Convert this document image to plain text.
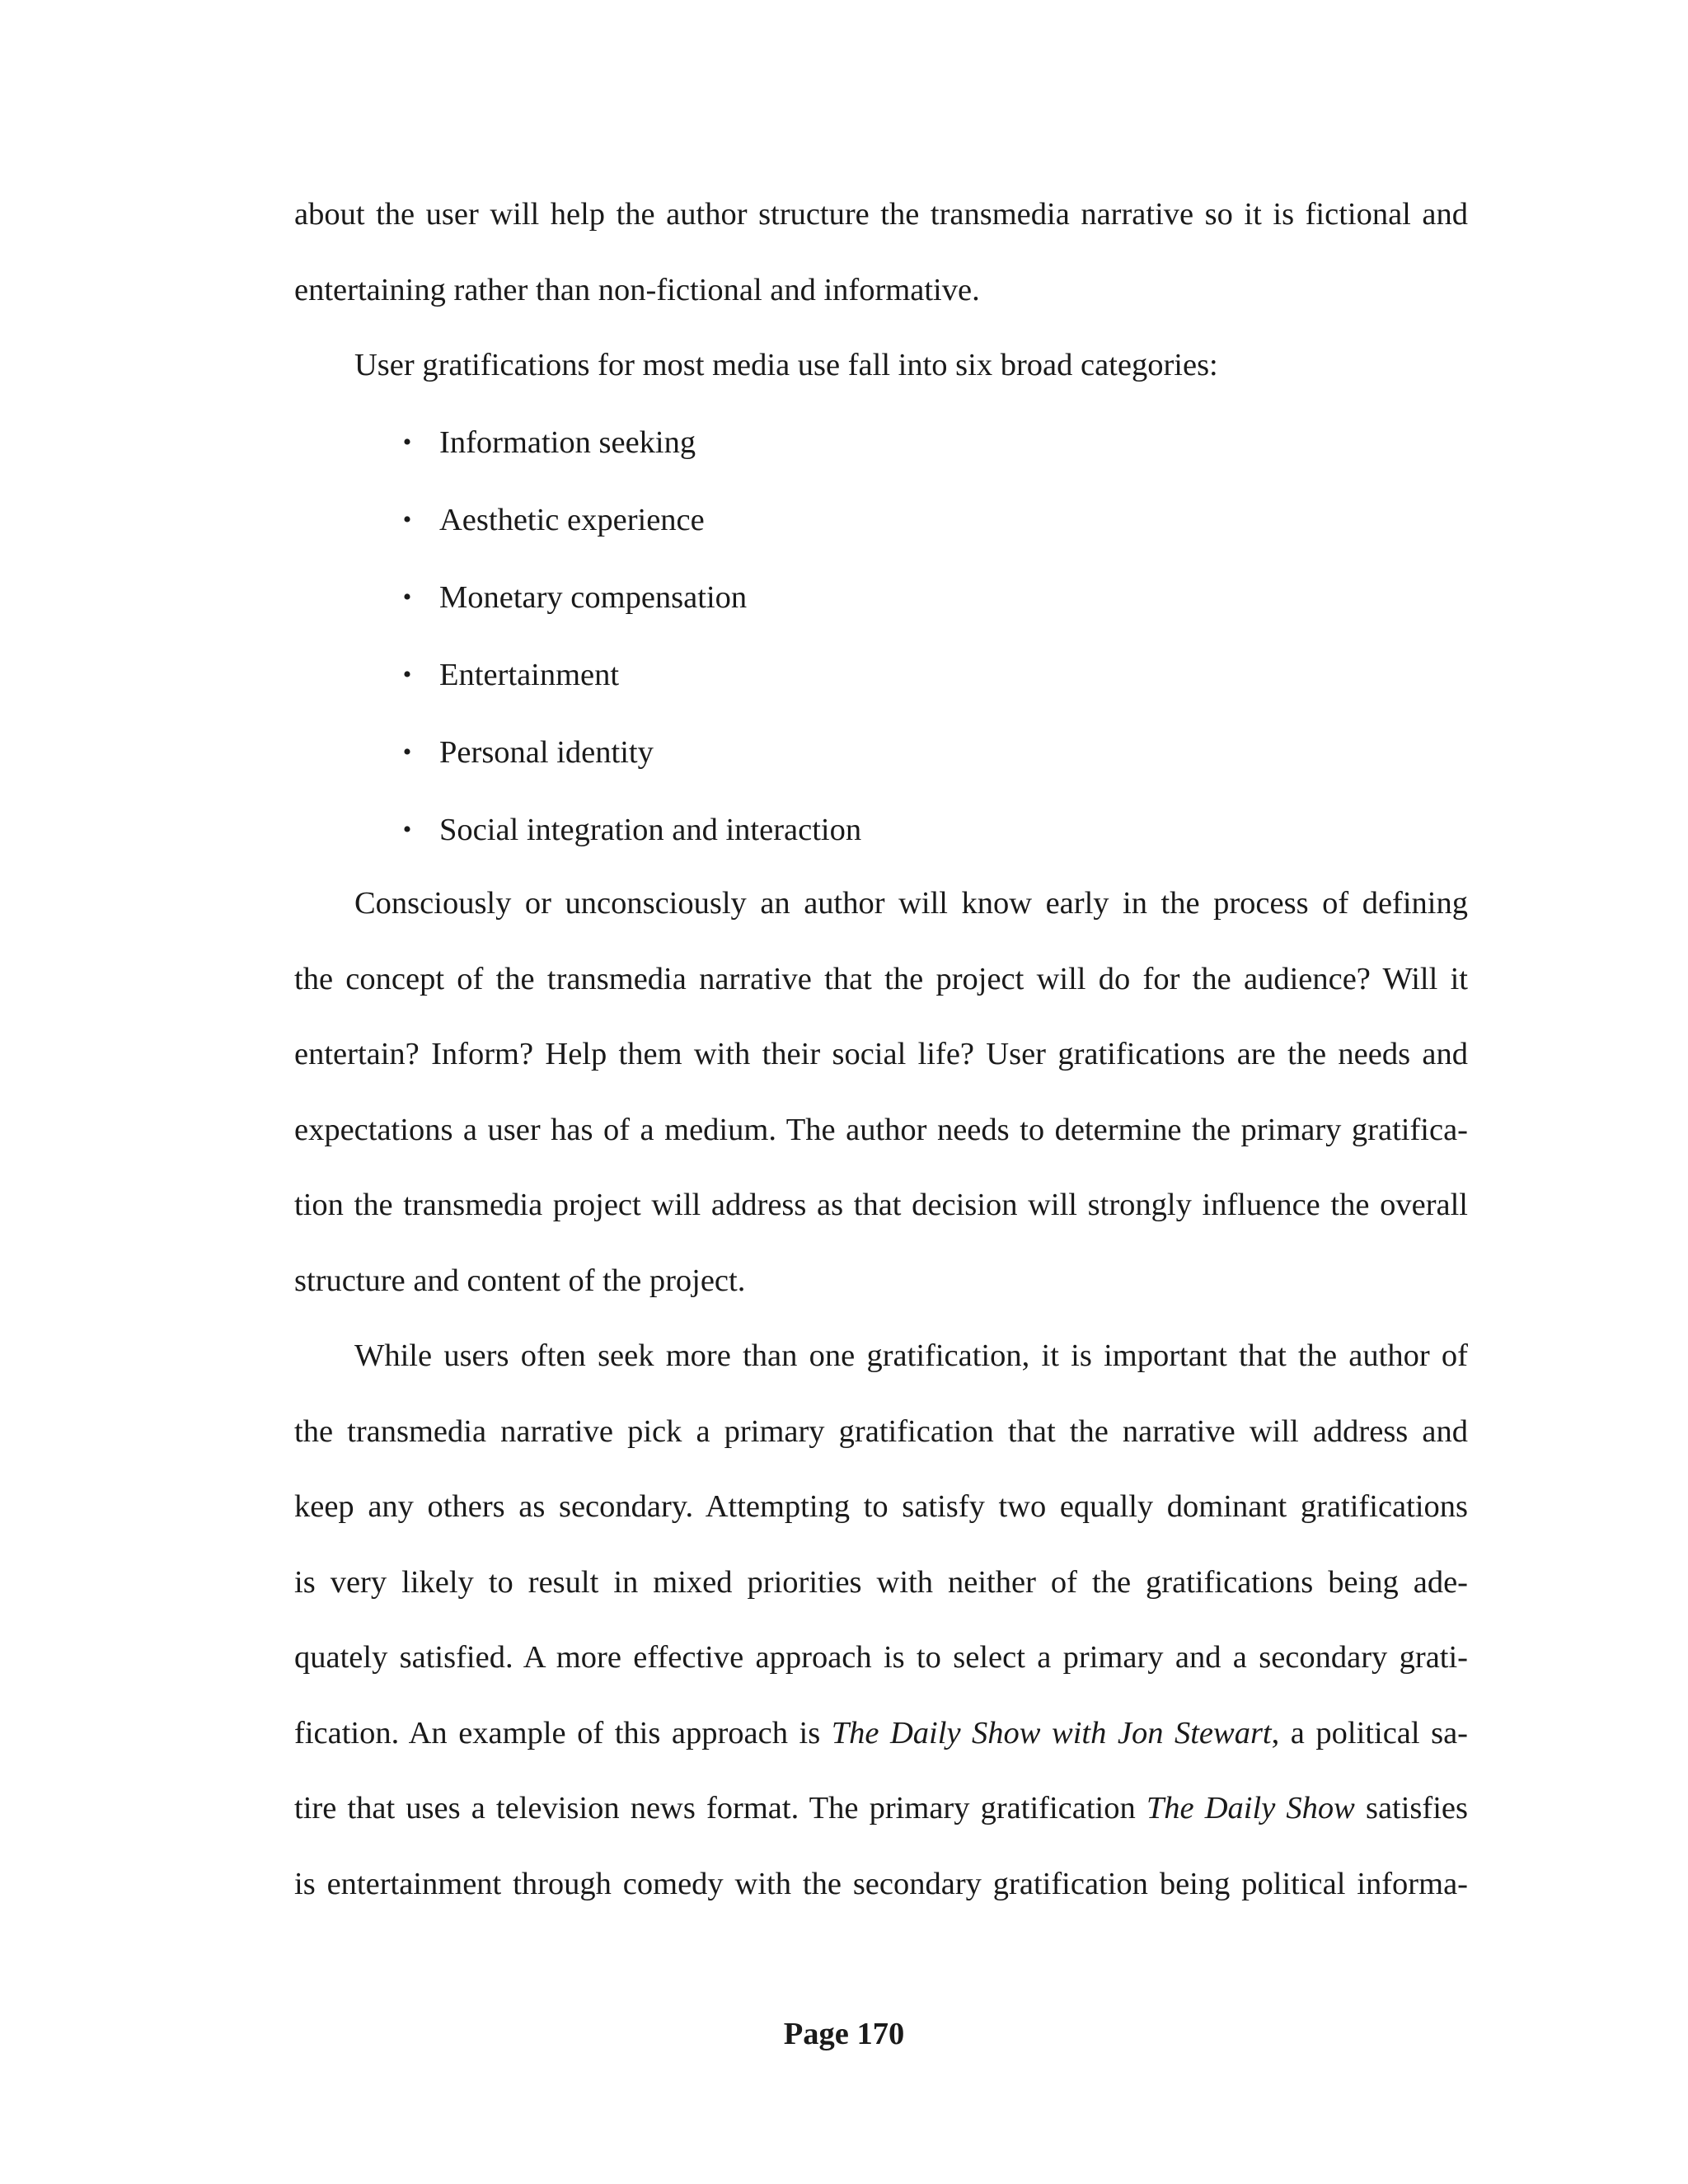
about the user will help the author structure the transmedia narrative so it is fictional and
entertaining rather than non-fictional and informative.
User gratifications for most media use fall into six broad categories:
• Information seeking
• Aesthetic experience
• Monetary compensation
• Entertainment
• Personal identity
• Social integration and interaction
Consciously or unconsciously an author will know early in the process of defining
the concept of the transmedia narrative that the project will do for the audience? Will it
entertain? Inform? Help them with their social life? User gratifications are the needs and
expectations a user has of a medium. The author needs to determine the primary gratifica-
tion the transmedia project will address as that decision will strongly influence the overall
structure and content of the project.
While users often seek more than one gratification, it is important that the author of
the transmedia narrative pick a primary gratification that the narrative will address and
keep any others as secondary. Attempting to satisfy two equally dominant gratifications
is very likely to result in mixed priorities with neither of the gratifications being ade-
quately satisfied. A more effective approach is to select a primary and a secondary grati-
fication. An example of this approach is The Daily Show with Jon Stewart, a political sa-
tire that uses a television news format. The primary gratification The Daily Show satisfies
is entertainment through comedy with the secondary gratification being political informa-
Page 170
